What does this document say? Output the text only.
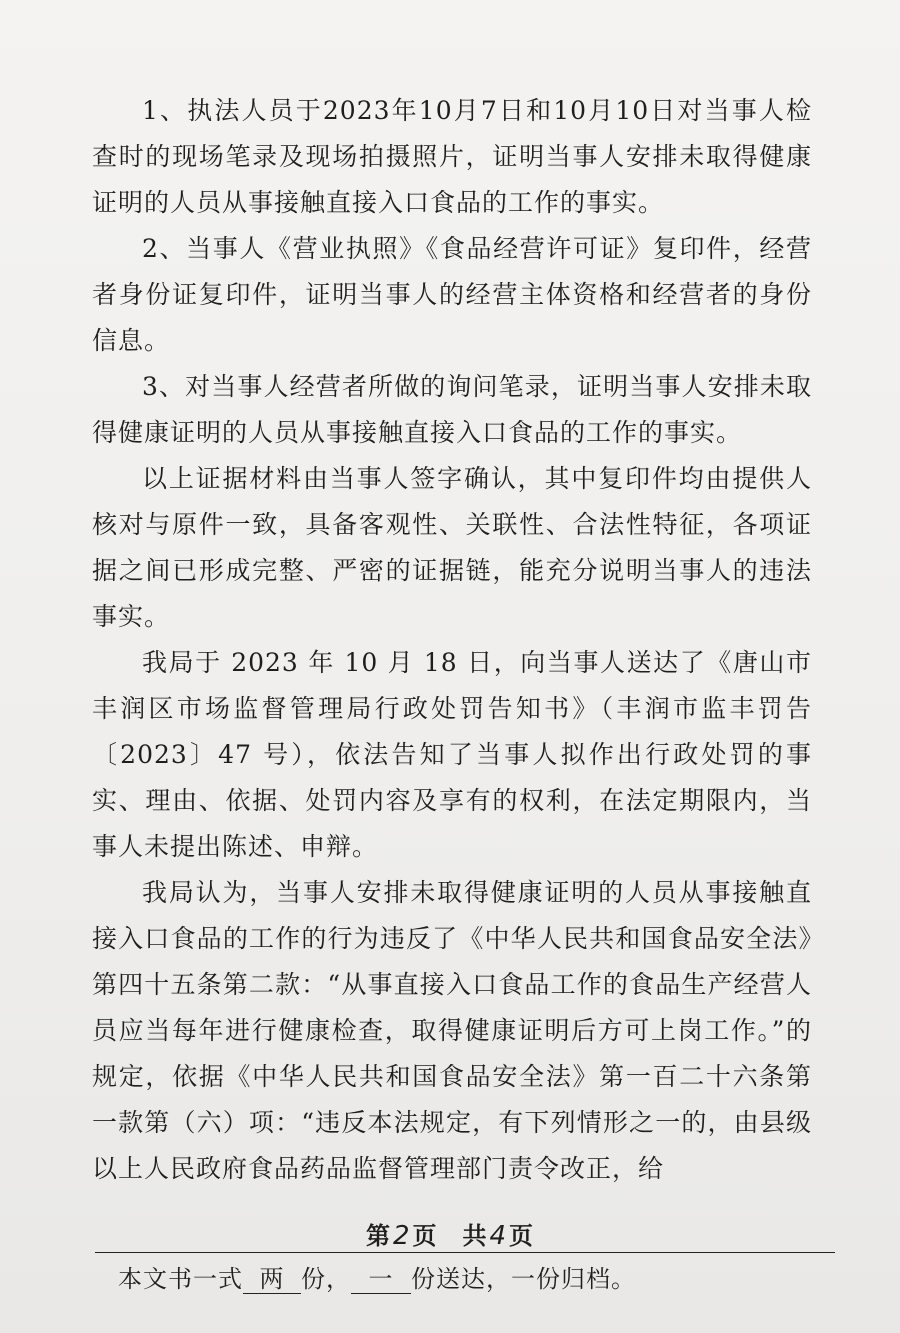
1、执法人员于2023年10月7日和10月10日对当事人检查时的现场笔录及现场拍摄照片，证明当事人安排未取得健康证明的人员从事接触直接入口食品的工作的事实。

2、当事人《营业执照》《食品经营许可证》复印件，经营者身份证复印件，证明当事人的经营主体资格和经营者的身份信息。

3、对当事人经营者所做的询问笔录，证明当事人安排未取得健康证明的人员从事接触直接入口食品的工作的事实。

以上证据材料由当事人签字确认，其中复印件均由提供人核对与原件一致，具备客观性、关联性、合法性特征，各项证据之间已形成完整、严密的证据链，能充分说明当事人的违法事实。

我局于 2023 年 10 月 18 日，向当事人送达了《唐山市丰润区市场监督管理局行政处罚告知书》（丰润市监丰罚告〔2023〕47 号），依法告知了当事人拟作出行政处罚的事实、理由、依据、处罚内容及享有的权利，在法定期限内，当事人未提出陈述、申辩。

我局认为，当事人安排未取得健康证明的人员从事接触直接入口食品的工作的行为违反了《中华人民共和国食品安全法》第四十五条第二款：“从事直接入口食品工作的食品生产经营人员应当每年进行健康检查，取得健康证明后方可上岗工作。”的规定，依据《中华人民共和国食品安全法》第一百二十六条第一款第（六）项：“违反本法规定，有下列情形之一的，由县级以上人民政府食品药品监督管理部门责令改正，给

第2页　共4页
本文书一式 两 份， 一 份送达，一份归档。
